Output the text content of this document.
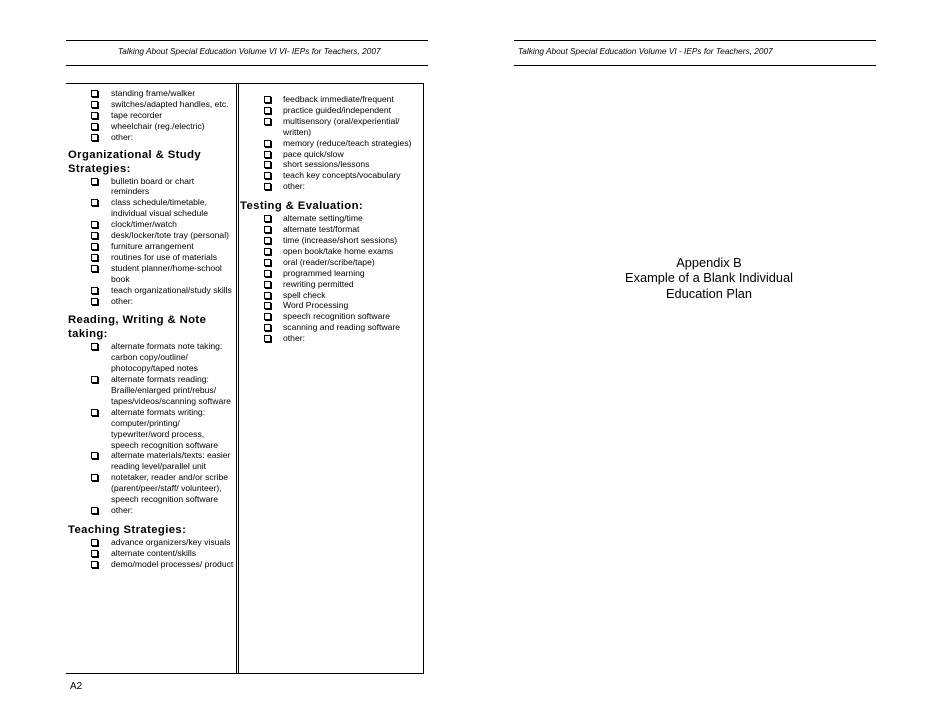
Talking About Special Education Volume VI VI- IEPs for Teachers, 2007	Talking About Special Education Volume VI - IEPs for Teachers, 2007
standing frame/walker
switches/adapted handles, etc.
tape recorder
wheelchair (reg./electric)
other:
Organizational & Study Strategies:
bulletin board or chart reminders
class schedule/timetable, individual visual schedule
clock/timer/watch
desk/locker/tote tray (personal)
furniture arrangement
routines for use of materials
student planner/home-school book
teach organizational/study skills
other:
Reading, Writing & Note taking:
alternate formats note taking: carbon copy/outline/ photocopy/taped notes
alternate formats reading: Braille/enlarged print/rebus/ tapes/videos/scanning software
alternate formats writing: computer/printing/ typewriter/word process, speech recognition software
alternate materials/texts: easier reading level/parallel unit
notetaker, reader and/or scribe (parent/peer/staff/ volunteer), speech recognition software
other:
Teaching Strategies:
advance organizers/key visuals
alternate content/skills
demo/model processes/ product
feedback immediate/frequent
practice guided/independent
multisensory (oral/experiential/ written)
memory (reduce/teach strategies)
pace quick/slow
short sessions/lessons
teach key concepts/vocabulary
other:
Testing & Evaluation:
alternate setting/time
alternate test/format
time (increase/short sessions)
open book/take home exams
oral (reader/scribe/tape)
programmed learning
rewriting permitted
spell check
Word Processing
speech recognition software
scanning and reading software
other:
Appendix B
Example of a Blank Individual
Education Plan
A2
